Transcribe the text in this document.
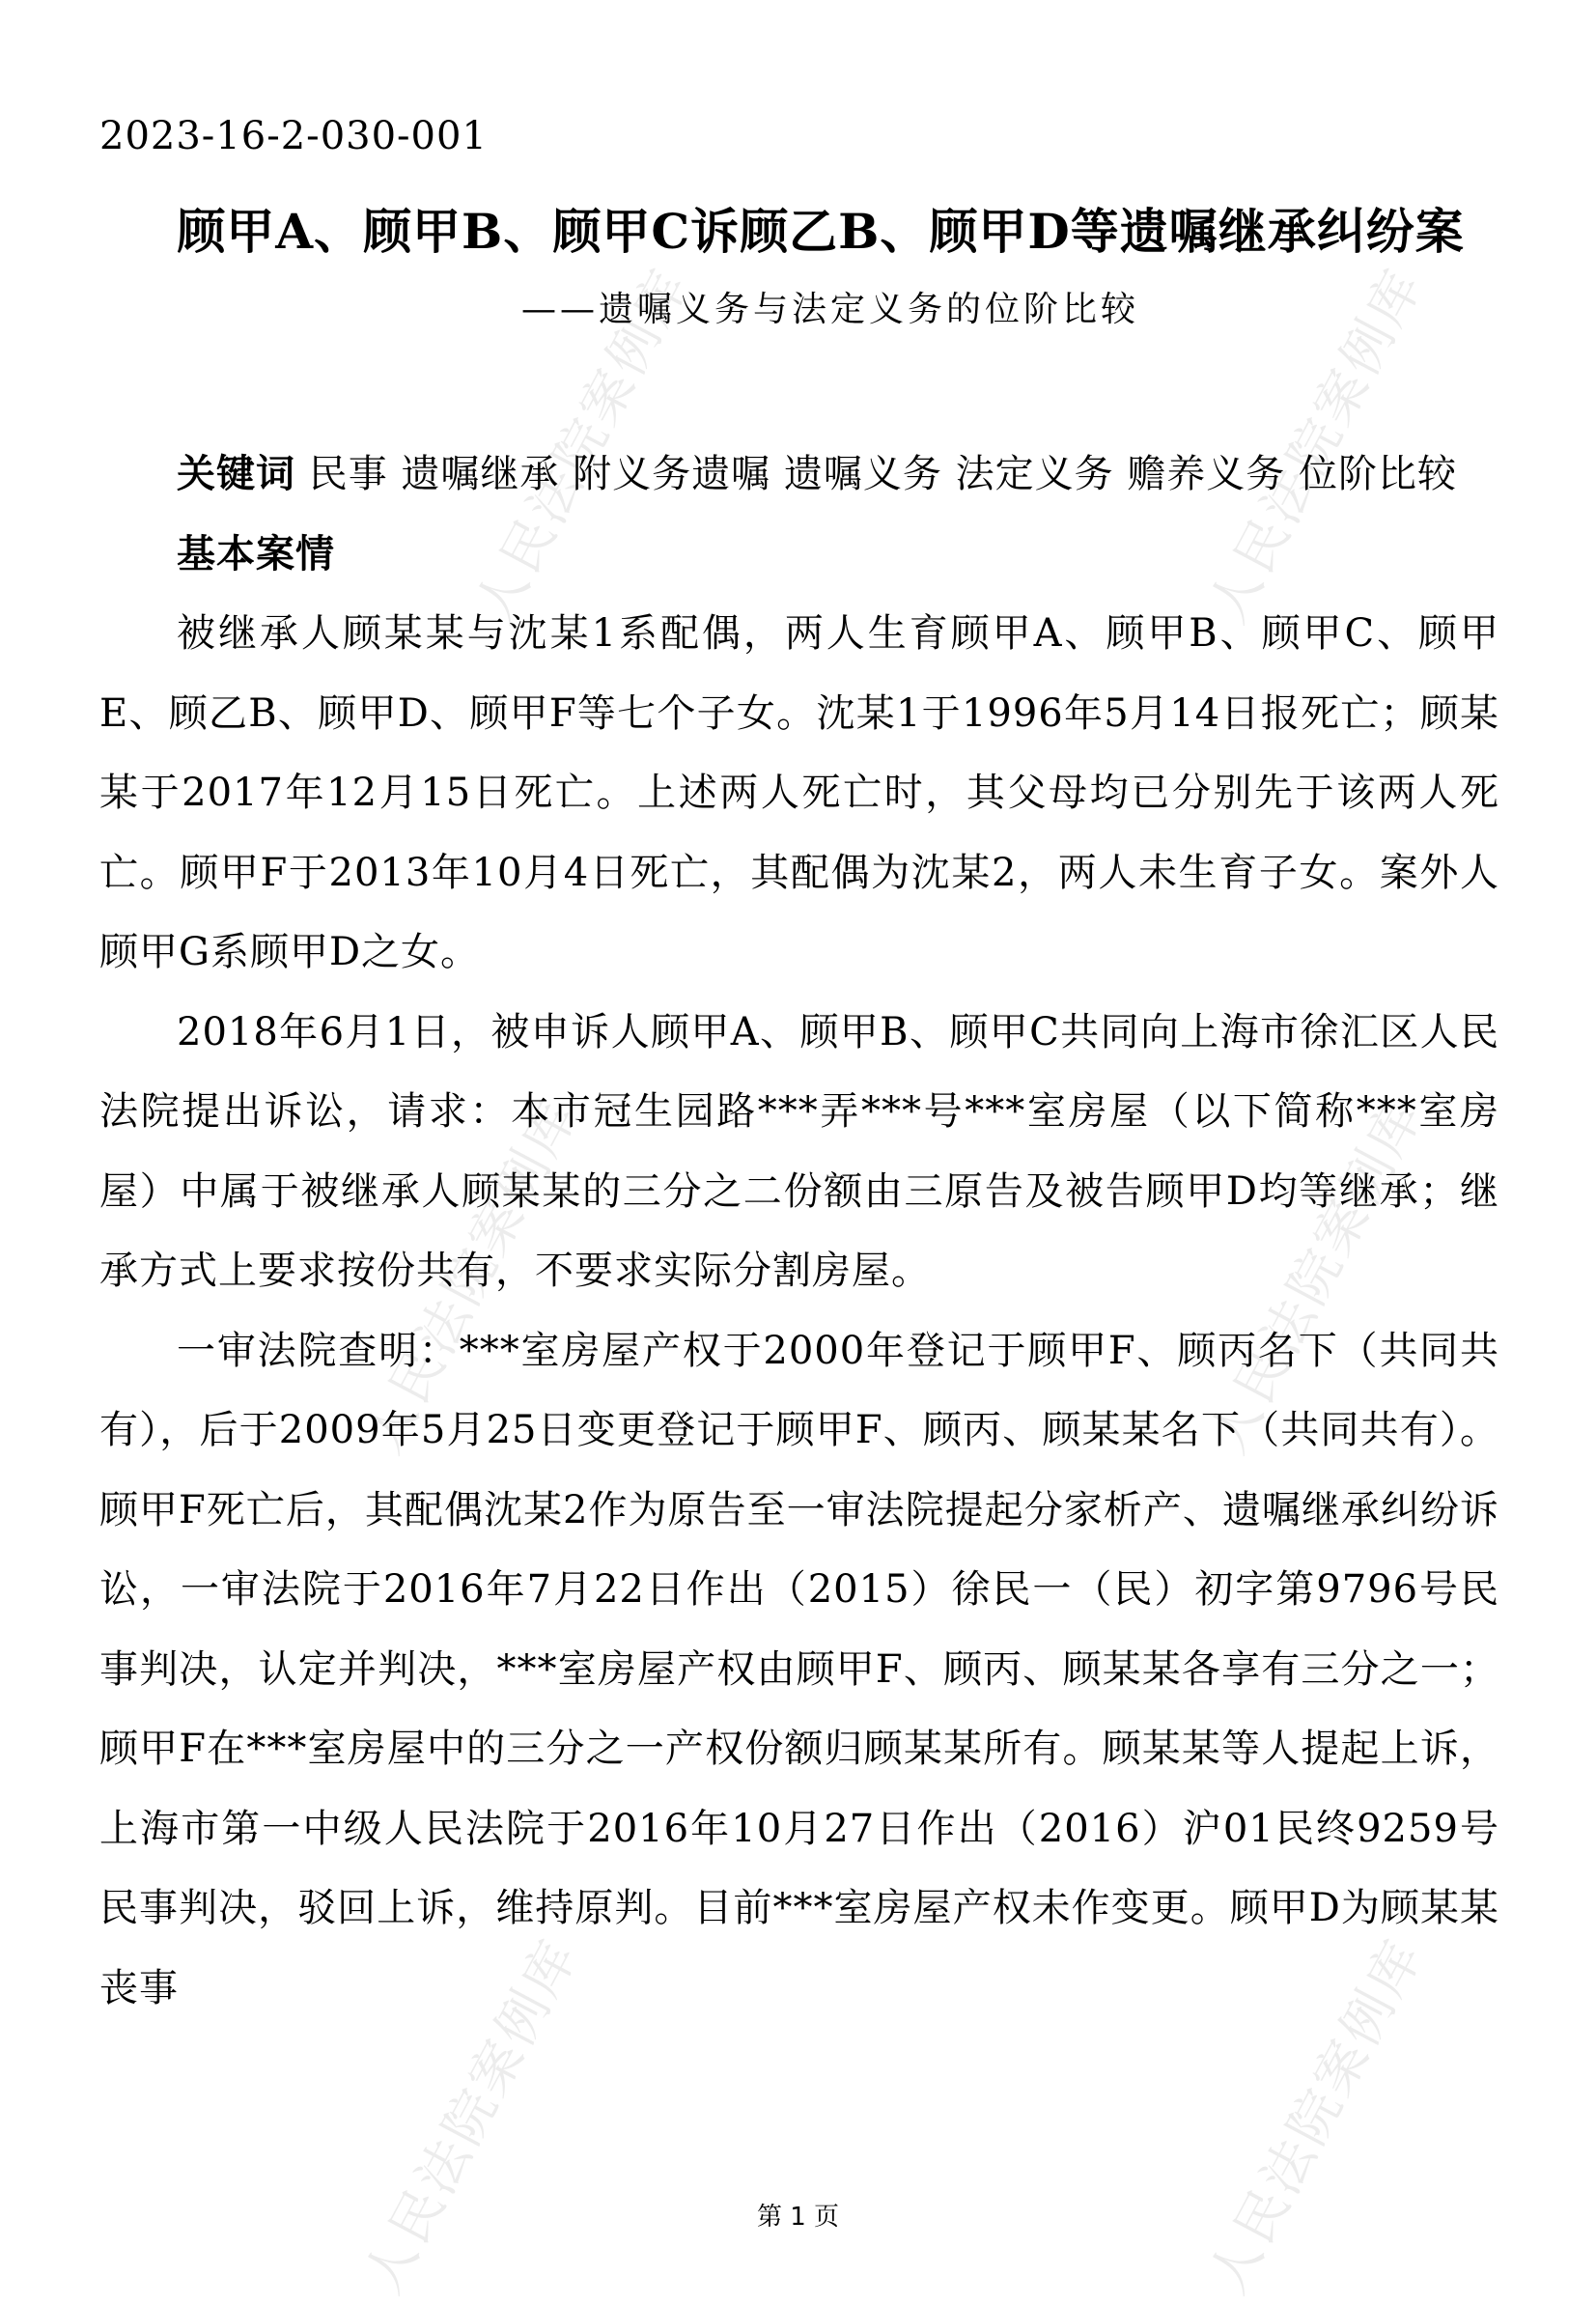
人民法院案例库
人民法院案例库	人民法院案例库
人民法院案例库	人民法院案例库
人民法院案例库
2023-16-2-030-001
顾甲A、顾甲B、顾甲C诉顾乙B、顾甲D等遗嘱继承纠纷案
——遗嘱义务与法定义务的位阶比较

关键词 民事 遗嘱继承 附义务遗嘱 遗嘱义务 法定义务 赡养义务 位阶比较

基本案情

被继承人顾某某与沈某1系配偶，两人生育顾甲A、顾甲B、顾甲C、顾甲E、顾乙B、顾甲D、顾甲F等七个子女。沈某1于1996年5月14日报死亡；顾某某于2017年12月15日死亡。上述两人死亡时，其父母均已分别先于该两人死亡。顾甲F于2013年10月4日死亡，其配偶为沈某2，两人未生育子女。案外人顾甲G系顾甲D之女。

2018年6月1日，被申诉人顾甲A、顾甲B、顾甲C共同向上海市徐汇区人民法院提出诉讼，请求：本市冠生园路***弄***号***室房屋（以下简称***室房屋）中属于被继承人顾某某的三分之二份额由三原告及被告顾甲D均等继承；继承方式上要求按份共有，不要求实际分割房屋。

一审法院查明：***室房屋产权于2000年登记于顾甲F、顾丙名下（共同共有），后于2009年5月25日变更登记于顾甲F、顾丙、顾某某名下（共同共有）。顾甲F死亡后，其配偶沈某2作为原告至一审法院提起分家析产、遗嘱继承纠纷诉讼，一审法院于2016年7月22日作出（2015）徐民一（民）初字第9796号民事判决，认定并判决，***室房屋产权由顾甲F、顾丙、顾某某各享有三分之一；顾甲F在***室房屋中的三分之一产权份额归顾某某所有。顾某某等人提起上诉，上海市第一中级人民法院于2016年10月27日作出（2016）沪01民终9259号民事判决，驳回上诉，维持原判。目前***室房屋产权未作变更。顾甲D为顾某某丧事

第 1 页
